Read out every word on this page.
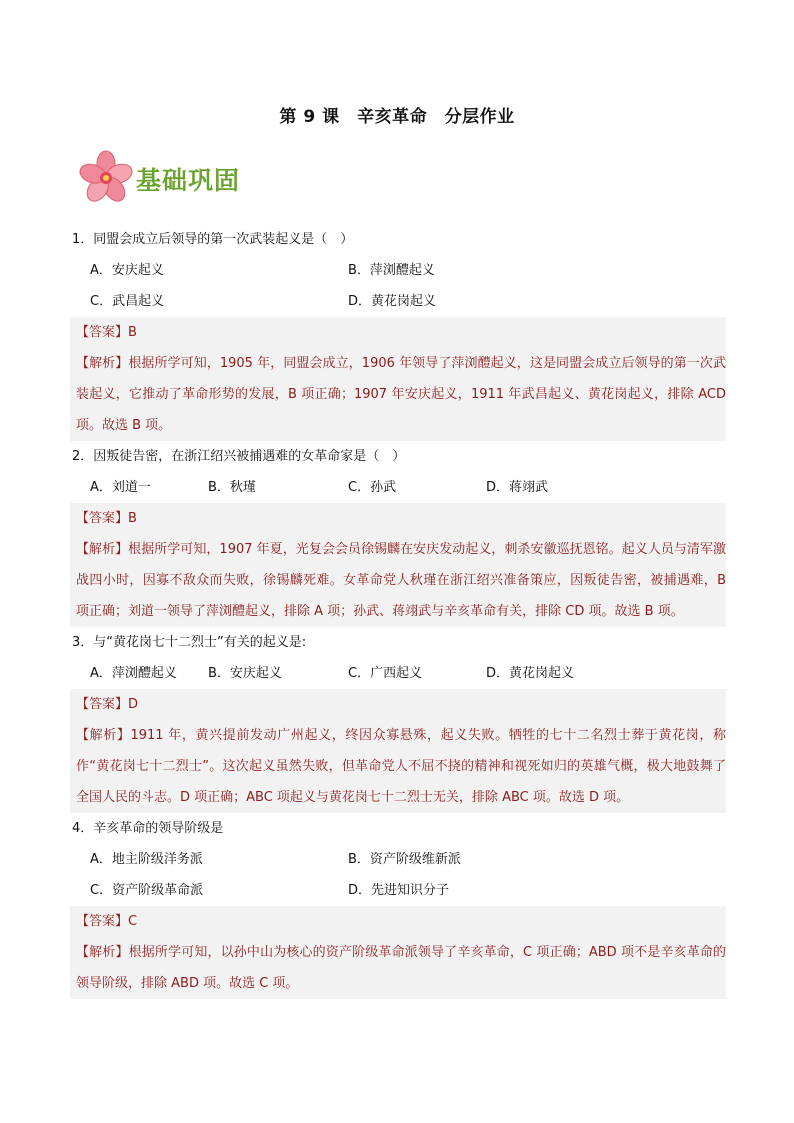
第 9 课　辛亥革命　分层作业
基础巩固
1．同盟会成立后领导的第一次武装起义是（　）
A．安庆起义	B．萍浏醴起义
C．武昌起义	D．黄花岗起义

【答案】B

【解析】根据所学可知，1905 年，同盟会成立，1906 年领导了萍浏醴起义，这是同盟会成立后领导的第一次武装起义，它推动了革命形势的发展，B 项正确；1907 年安庆起义，1911 年武昌起义、黄花岗起义，排除 ACD 项。故选 B 项。

2．因叛徒告密，在浙江绍兴被捕遇难的女革命家是（　）
A．刘道一	B．秋瑾	C．孙武	D．蒋翊武

【答案】B

【解析】根据所学可知，1907 年夏，光复会会员徐锡麟在安庆发动起义，刺杀安徽巡抚恩铭。起义人员与清军激战四小时，因寡不敌众而失败，徐锡麟死难。女革命党人秋瑾在浙江绍兴准备策应，因叛徒告密，被捕遇难，B 项正确；刘道一领导了萍浏醴起义，排除 A 项；孙武、蒋翊武与辛亥革命有关，排除 CD 项。故选 B 项。

3．与“黄花岗七十二烈士”有关的起义是:
A．萍浏醴起义 B．安庆起义	C．广西起义	D．黄花岗起义

【答案】D

【解析】1911 年，黄兴提前发动广州起义，终因众寡悬殊，起义失败。牺牲的七十二名烈士葬于黄花岗，称作“黄花岗七十二烈士”。这次起义虽然失败，但革命党人不屈不挠的精神和视死如归的英雄气概，极大地鼓舞了全国人民的斗志。D 项正确；ABC 项起义与黄花岗七十二烈士无关，排除 ABC 项。故选 D 项。

4．辛亥革命的领导阶级是
A．地主阶级洋务派	B．资产阶级维新派
C．资产阶级革命派	D．先进知识分子

【答案】C

【解析】根据所学可知，以孙中山为核心的资产阶级革命派领导了辛亥革命，C 项正确；ABD 项不是辛亥革命的领导阶级，排除 ABD 项。故选 C 项。
